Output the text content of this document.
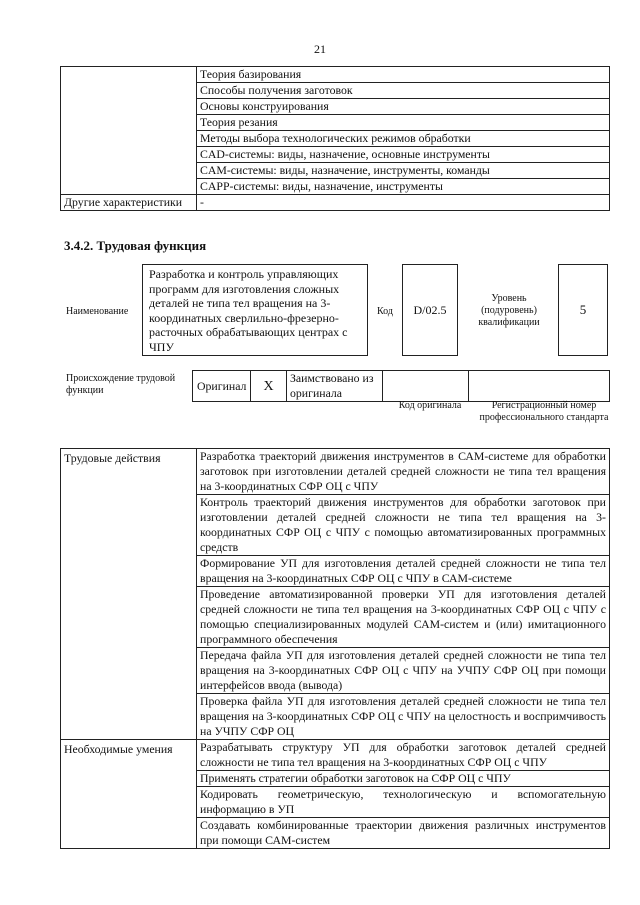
21
	Теория базирования
	Способы получения заготовок
	Основы конструирования
	Теория резания
	Методы выбора технологических режимов обработки
	CAD-системы: виды, назначение, основные инструменты
	CAM-системы: виды, назначение, инструменты, команды
	CAPP-системы: виды, назначение, инструменты
Другие характеристики	-
3.4.2. Трудовая функция
Наименование
Разработка и контроль управляющих программ для изготовления сложных деталей не типа тел вращения на 3-координатных сверлильно-фрезерно-расточных обрабатывающих центрах с ЧПУ
Код D/02.5
Уровень (подуровень) квалификации
5
Происхождение трудовой функции	Оригинал	X	Заимствовано из оригинала		
Код оригинала	Регистрационный номер профессионального стандарта
Трудовые действия	Разработка траекторий движения инструментов в САМ-системе для обработки заготовок при изготовлении деталей средней сложности не типа тел вращения на 3-координатных СФР ОЦ с ЧПУ
	Контроль траекторий движения инструментов для обработки заготовок при изготовлении деталей средней сложности не типа тел вращения на 3-координатных СФР ОЦ с ЧПУ с помощью автоматизированных программных средств
	Формирование УП для изготовления деталей средней сложности не типа тел вращения на 3-координатных СФР ОЦ с ЧПУ в САМ-системе
	Проведение автоматизированной проверки УП для изготовления деталей средней сложности не типа тел вращения на 3-координатных СФР ОЦ с ЧПУ с помощью специализированных модулей САМ-систем и (или) имитационного программного обеспечения
	Передача файла УП для изготовления деталей средней сложности не типа тел вращения на 3-координатных СФР ОЦ с ЧПУ на УЧПУ СФР ОЦ при помощи интерфейсов ввода (вывода)
	Проверка файла УП для изготовления деталей средней сложности не типа тел вращения на 3-координатных СФР ОЦ с ЧПУ на целостность и воспримчивость на УЧПУ СФР ОЦ
Необходимые умения	Разрабатывать структуру УП для обработки заготовок деталей средней сложности не типа тел вращения на 3-координатных СФР ОЦ с ЧПУ
	Применять стратегии обработки заготовок на СФР ОЦ с ЧПУ
	Кодировать геометрическую, технологическую и вспомогательную информацию в УП
	Создавать комбинированные траектории движения различных инструментов при помощи САМ-систем
